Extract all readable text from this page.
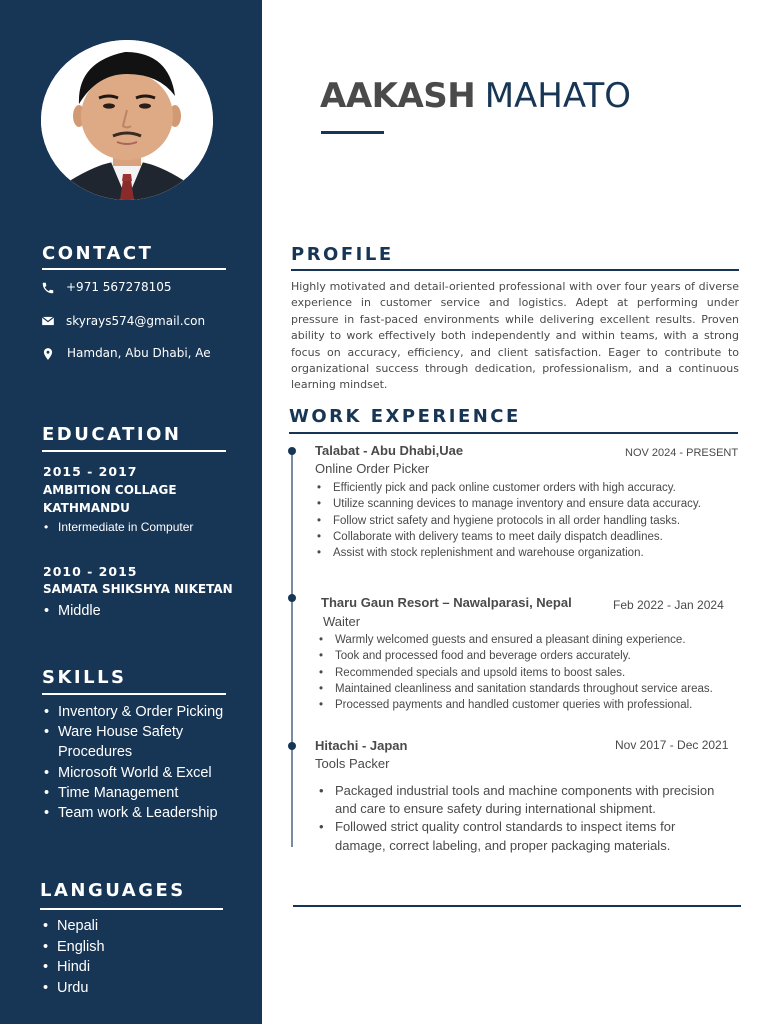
CONTACT
+971 567278105
skyrays574@gmail.con
Hamdan, Abu Dhabi, Ae
EDUCATION
2015 - 2017
AMBITION COLLAGE KATHMANDU
• Intermediate in Computer
2010 - 2015
SAMATA SHIKSHYA NIKETAN
• Middle
SKILLS
• Inventory & Order Picking
• Ware House Safety Procedures
• Microsoft World & Excel
• Time Management
• Team work & Leadership
LANGUAGES
• Nepali
• English
• Hindi
• Urdu
AAKASH MAHATO
PROFILE
Highly motivated and detail-oriented professional with over four years of diverse experience in customer service and logistics. Adept at performing under pressure in fast-paced environments while delivering excellent results. Proven ability to work effectively both independently and within teams, with a strong focus on accuracy, efficiency, and client satisfaction. Eager to contribute to organizational success through dedication, professionalism, and a continuous learning mindset.
WORK EXPERIENCE
Talabat - Abu Dhabi,Uae	NOV 2024 - PRESENT
Online Order Picker
• Efficiently pick and pack online customer orders with high accuracy.
• Utilize scanning devices to manage inventory and ensure data accuracy.
• Follow strict safety and hygiene protocols in all order handling tasks.
• Collaborate with delivery teams to meet daily dispatch deadlines.
• Assist with stock replenishment and warehouse organization.
Tharu Gaun Resort – Nawalparasi, Nepal	Feb 2022 - Jan 2024
Waiter
• Warmly welcomed guests and ensured a pleasant dining experience.
• Took and processed food and beverage orders accurately.
• Recommended specials and upsold items to boost sales.
• Maintained cleanliness and sanitation standards throughout service areas.
• Processed payments and handled customer queries with professional.
Hitachi - Japan	Nov 2017 - Dec 2021
Tools Packer
• Packaged industrial tools and machine components with precision and care to ensure safety during international shipment.
• Followed strict quality control standards to inspect items for damage, correct labeling, and proper packaging materials.
